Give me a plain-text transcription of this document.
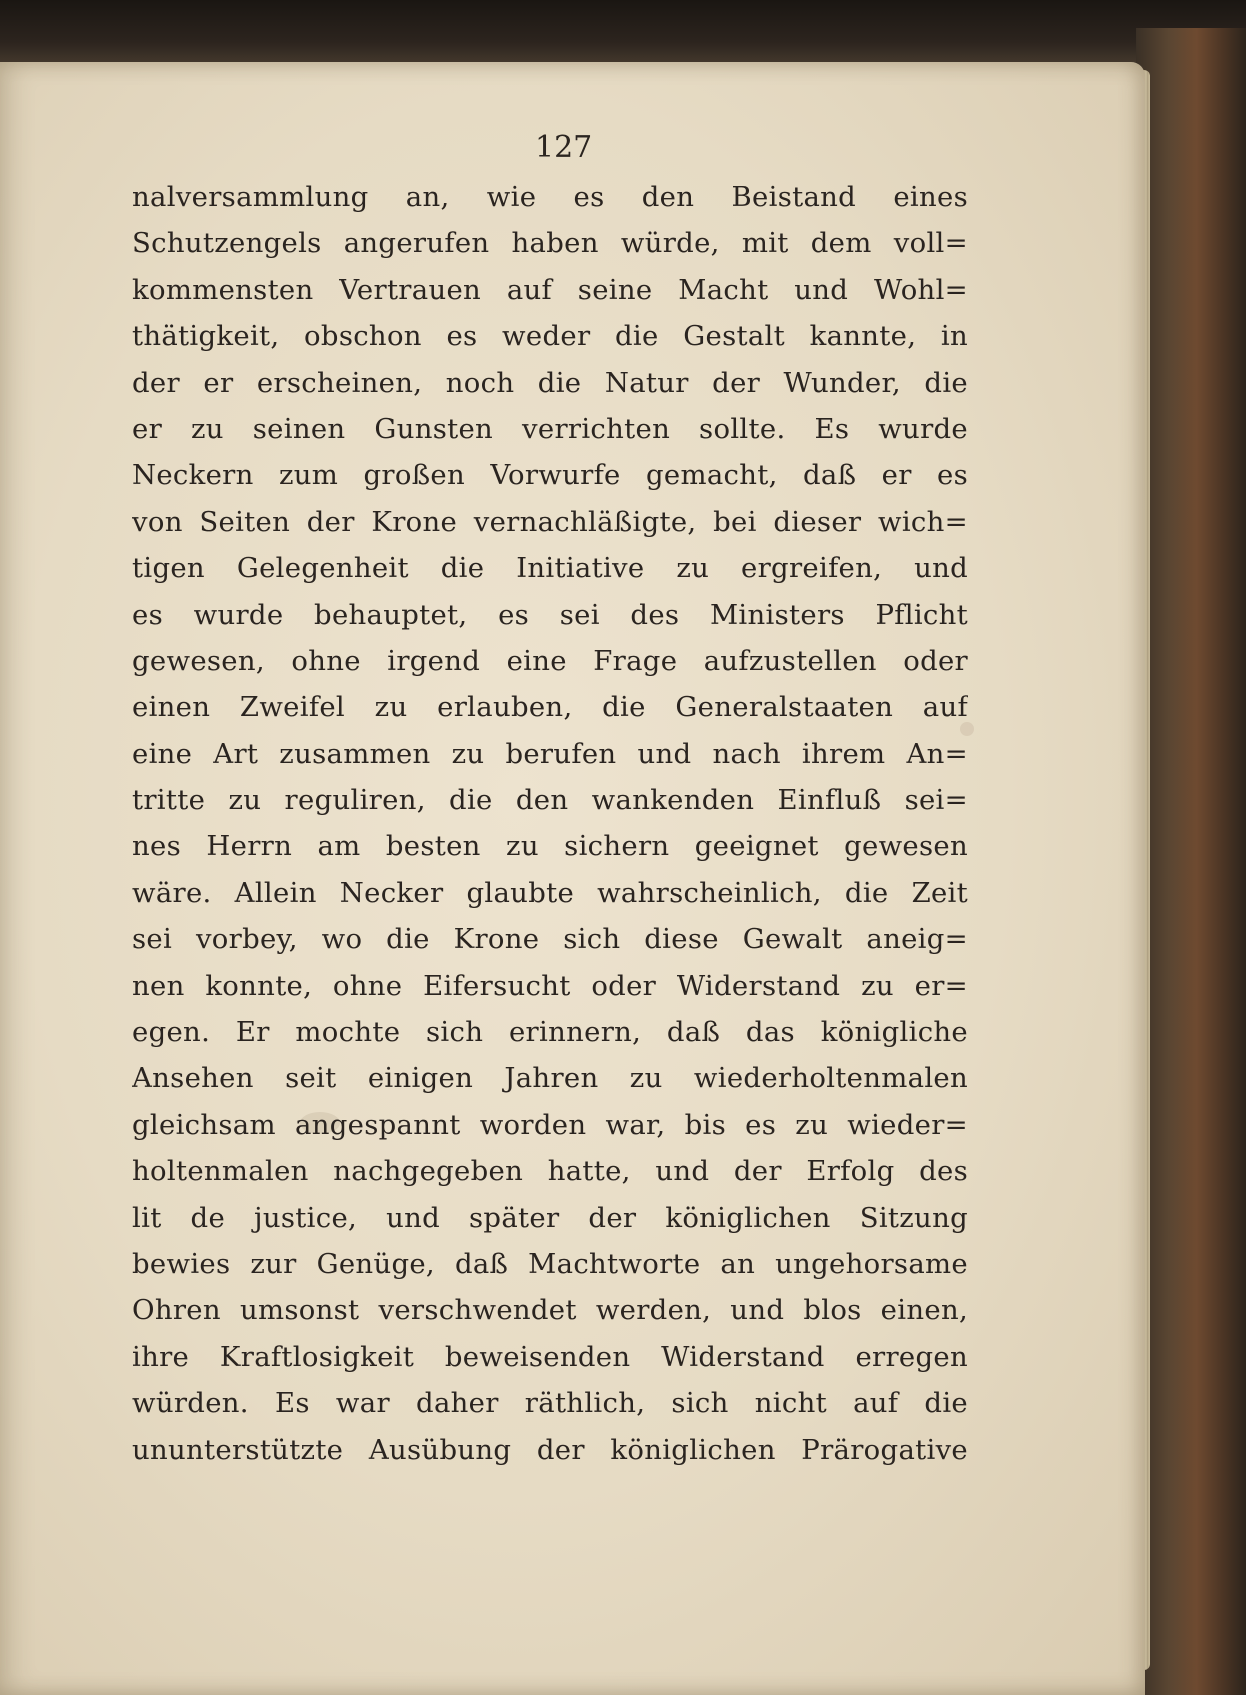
127
nalversammlung an, wie es den Beistand eines
Schutzengels angerufen haben würde, mit dem voll=
kommensten Vertrauen auf seine Macht und Wohl=
thätigkeit, obschon es weder die Gestalt kannte, in
der er erscheinen, noch die Natur der Wunder, die
er zu seinen Gunsten verrichten sollte. Es wurde
Neckern zum großen Vorwurfe gemacht, daß er es
von Seiten der Krone vernachläßigte, bei dieser wich=
tigen Gelegenheit die Initiative zu ergreifen, und
es wurde behauptet, es sei des Ministers Pflicht
gewesen, ohne irgend eine Frage aufzustellen oder
einen Zweifel zu erlauben, die Generalstaaten auf
eine Art zusammen zu berufen und nach ihrem An=
tritte zu reguliren, die den wankenden Einfluß sei=
nes Herrn am besten zu sichern geeignet gewesen
wäre. Allein Necker glaubte wahrscheinlich, die Zeit
sei vorbey, wo die Krone sich diese Gewalt aneig=
nen konnte, ohne Eifersucht oder Widerstand zu er=
egen. Er mochte sich erinnern, daß das königliche
Ansehen seit einigen Jahren zu wiederholtenmalen
gleichsam angespannt worden war, bis es zu wieder=
holtenmalen nachgegeben hatte, und der Erfolg des
lit de justice, und später der königlichen Sitzung
bewies zur Genüge, daß Machtworte an ungehorsame
Ohren umsonst verschwendet werden, und blos einen,
ihre Kraftlosigkeit beweisenden Widerstand erregen
würden. Es war daher räthlich, sich nicht auf die
ununterstützte Ausübung der königlichen Prärogative
